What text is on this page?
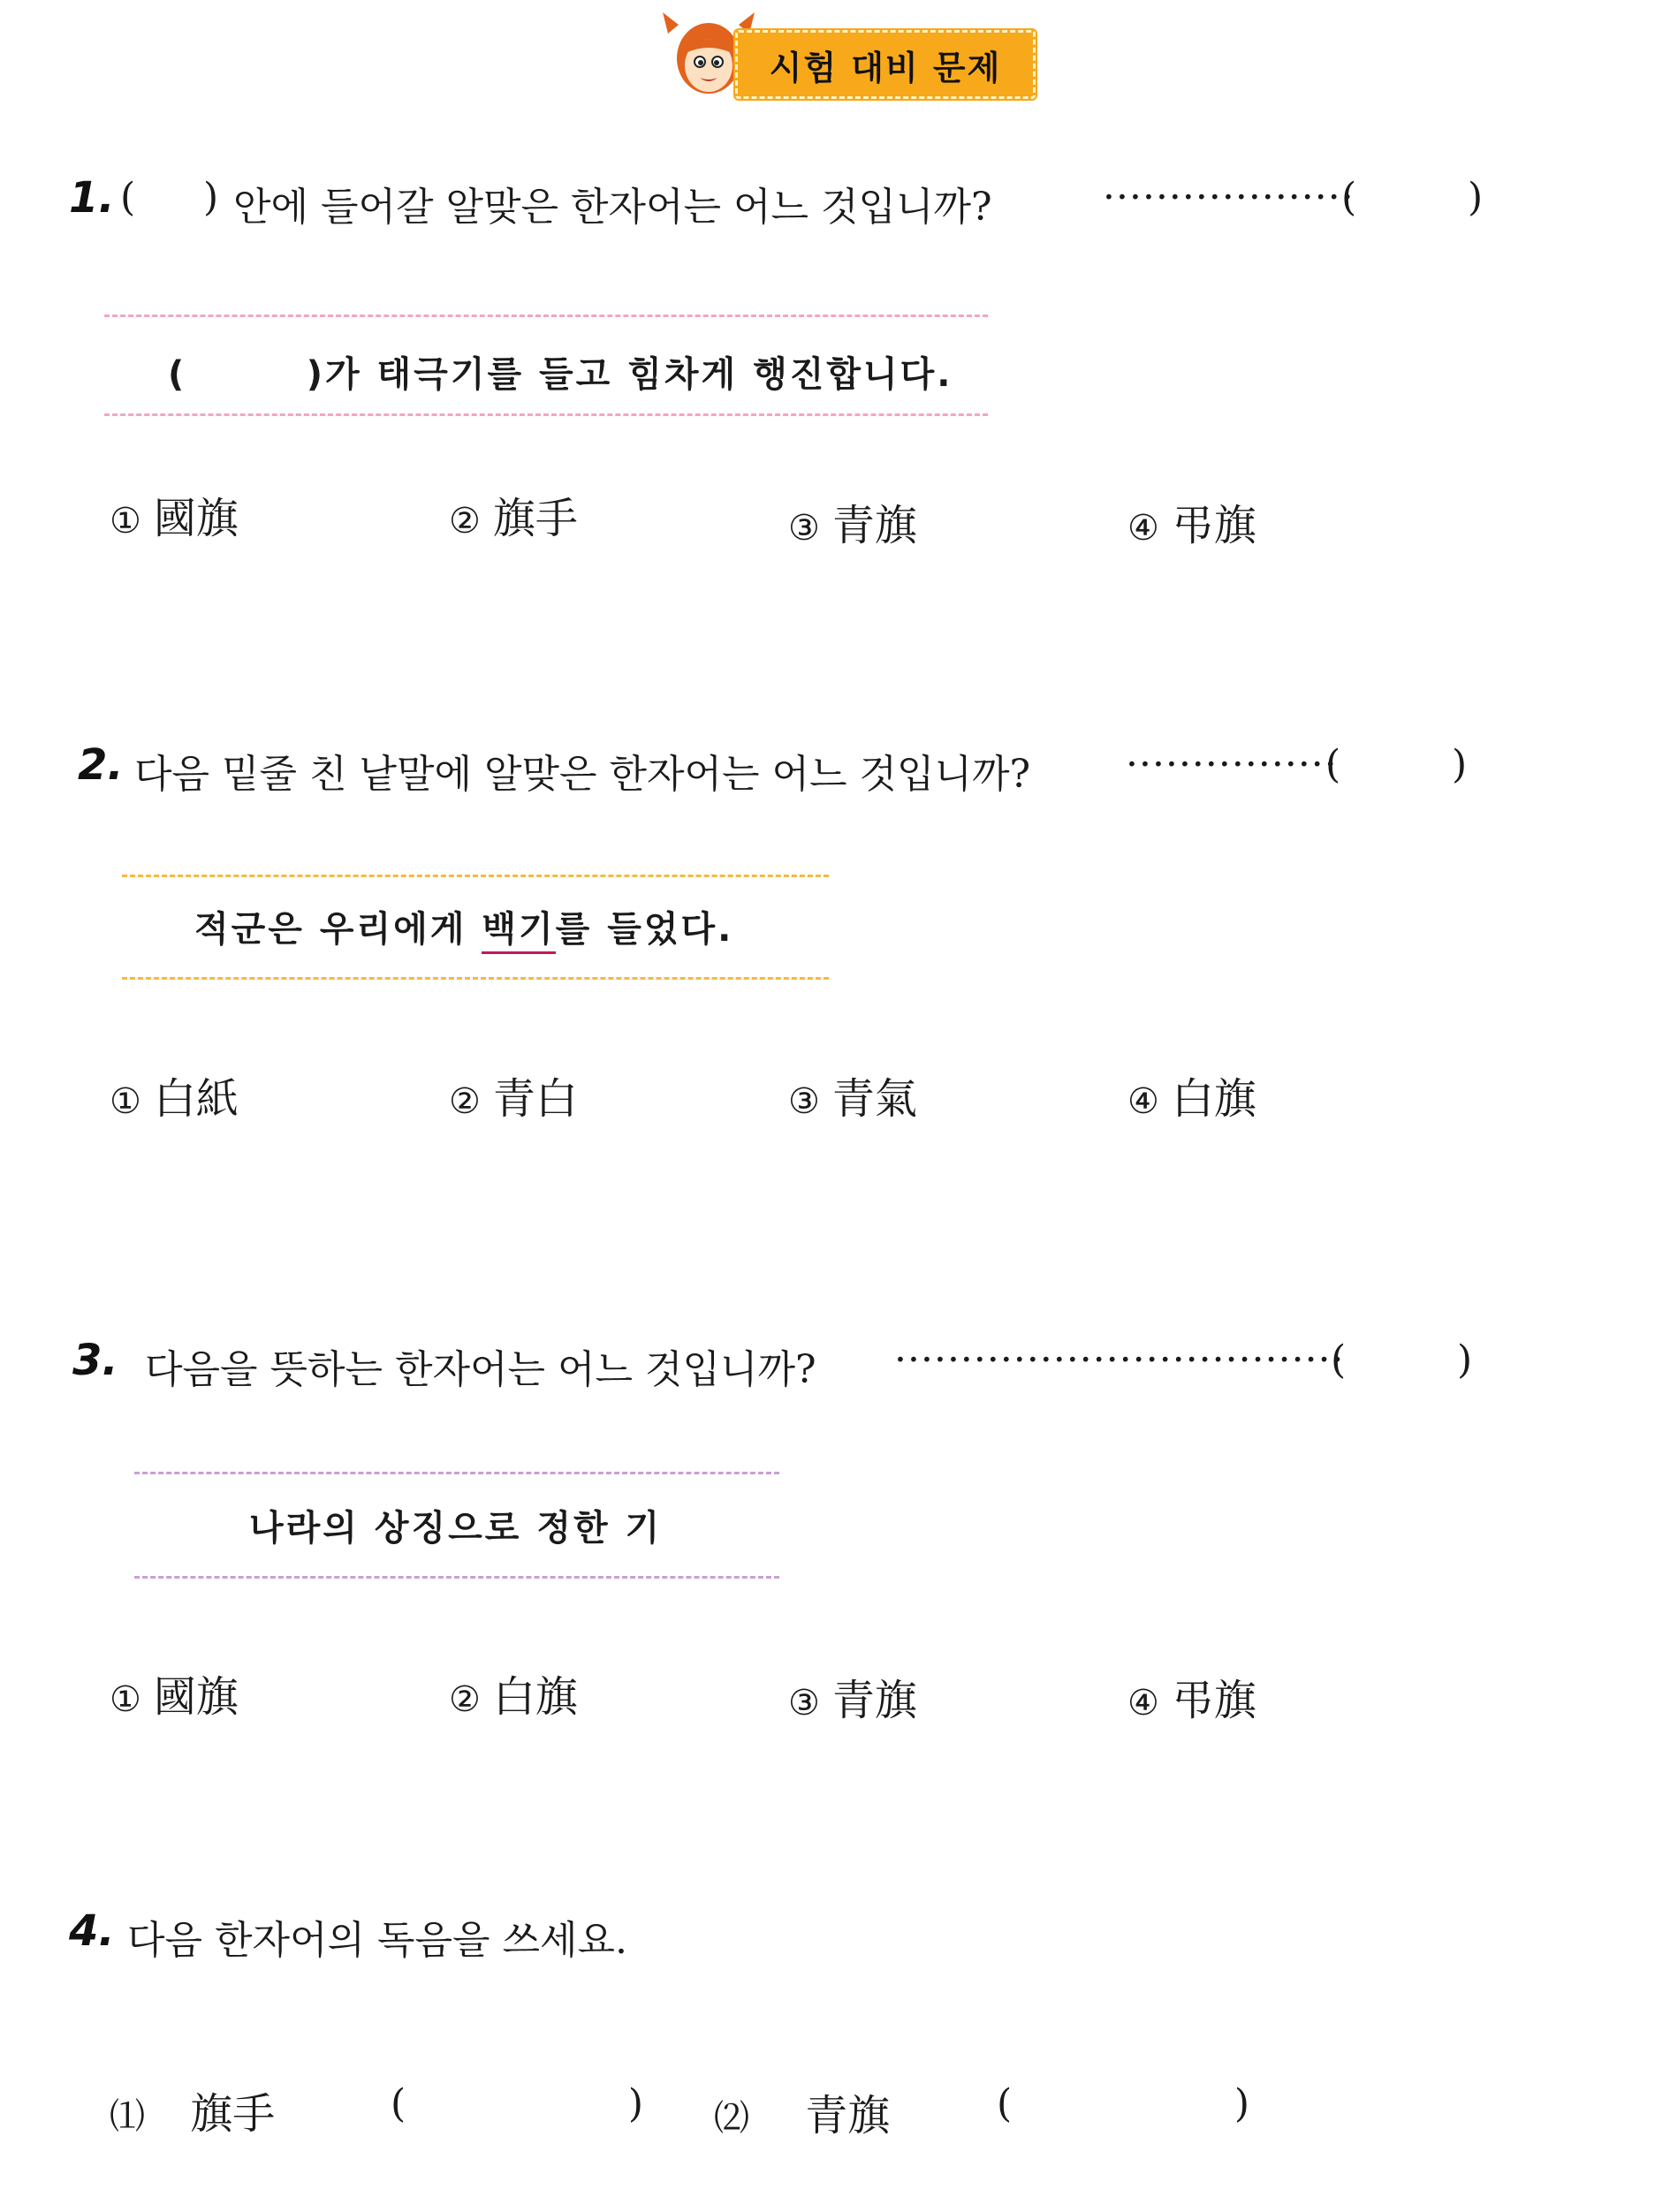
시험 대비 문제
1. ( ) 안에 들어갈 알맞은 한자어는 어느 것입니까?	···················
(         )
(        )가 태극기를 들고 힘차게 행진합니다.
① 國旗	② 旗手	③ 青旗	④ 弔旗
2. 다음 밑줄 친 낱말에 알맞은 한자어는 어느 것입니까? ················
(         )
적군은 우리에게 백기를 들었다.
① 白紙	② 青白	③ 青氣	④ 白旗
3. 다음을 뜻하는 한자어는 어느 것입니까? ··································
(         )
나라의 상징으로 정한 기
① 國旗	② 白旗	③ 青旗	④ 弔旗
4. 다음 한자어의 독음을 쓰세요.
⑴ 旗手	(                  ) ⑵ 青旗	(                  )
